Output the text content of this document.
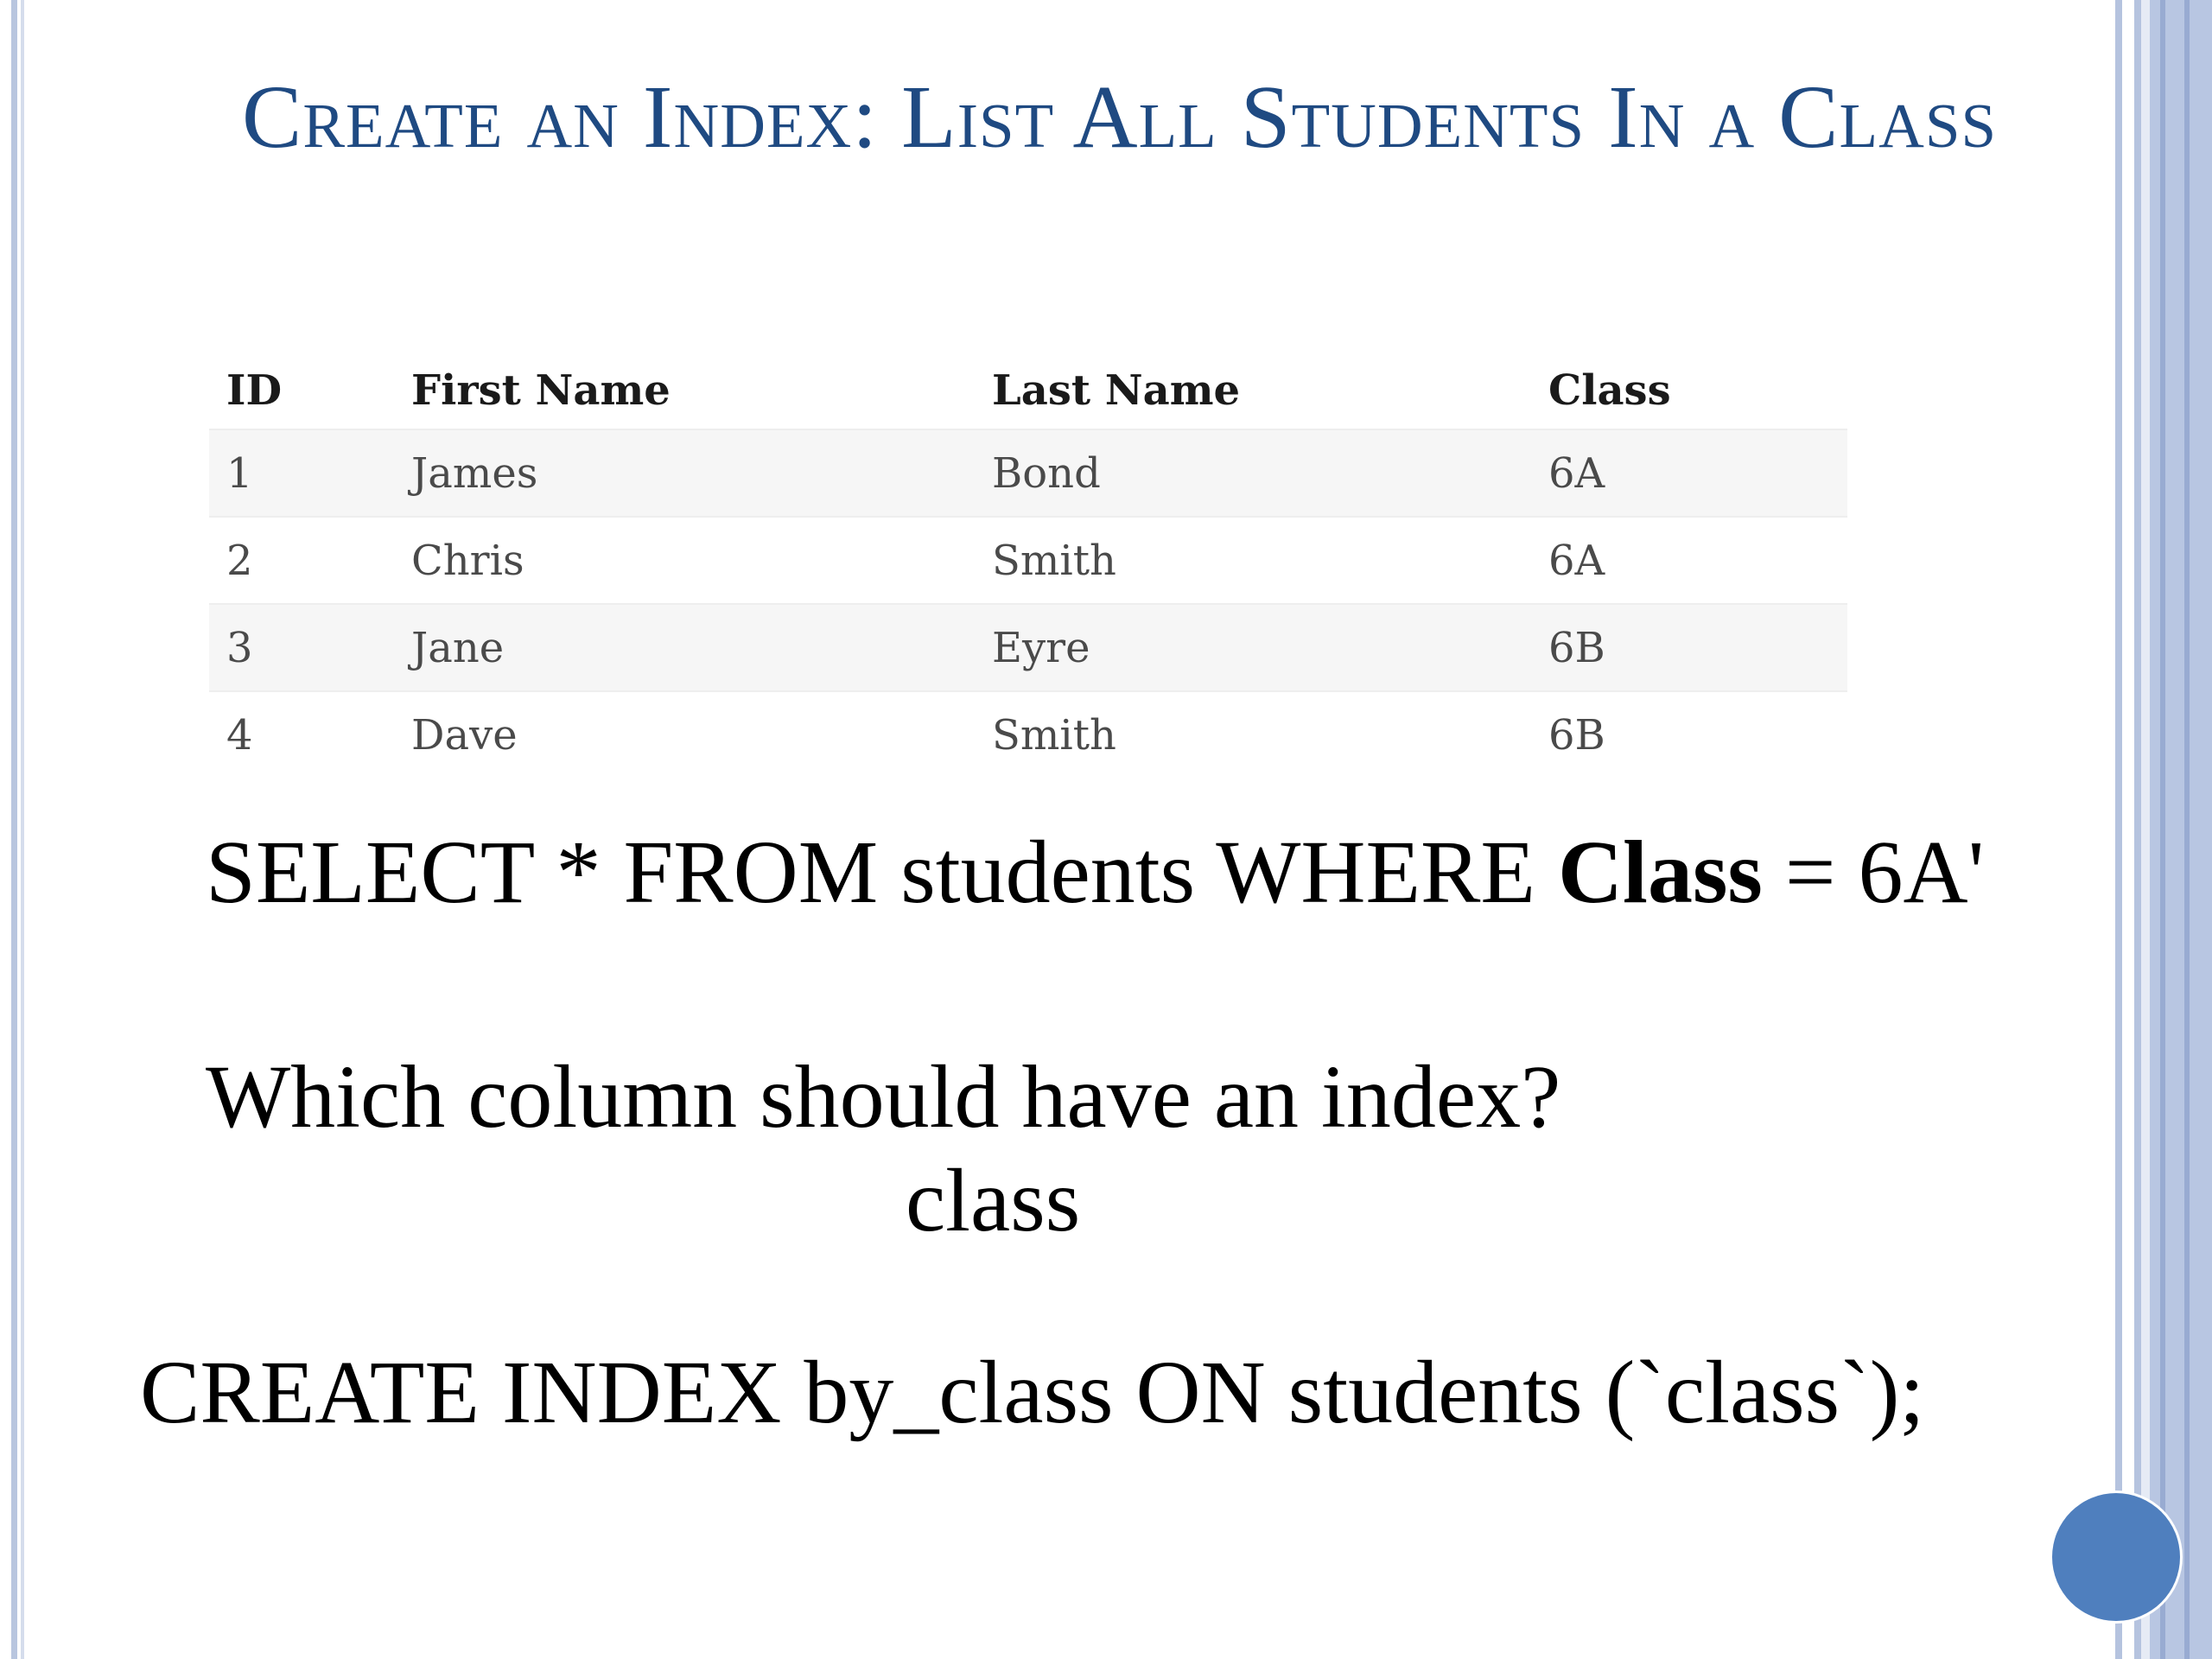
Create an Index: List All Students In a Class
ID	First Name	Last Name	Class
1	James	Bond	6A
2	Chris	Smith	6A
3	Jane	Eyre	6B
4	Dave	Smith	6B
SELECT * FROM students WHERE Class = 6A'
Which column should have an index?
class
CREATE INDEX by_class ON students (`class`);
